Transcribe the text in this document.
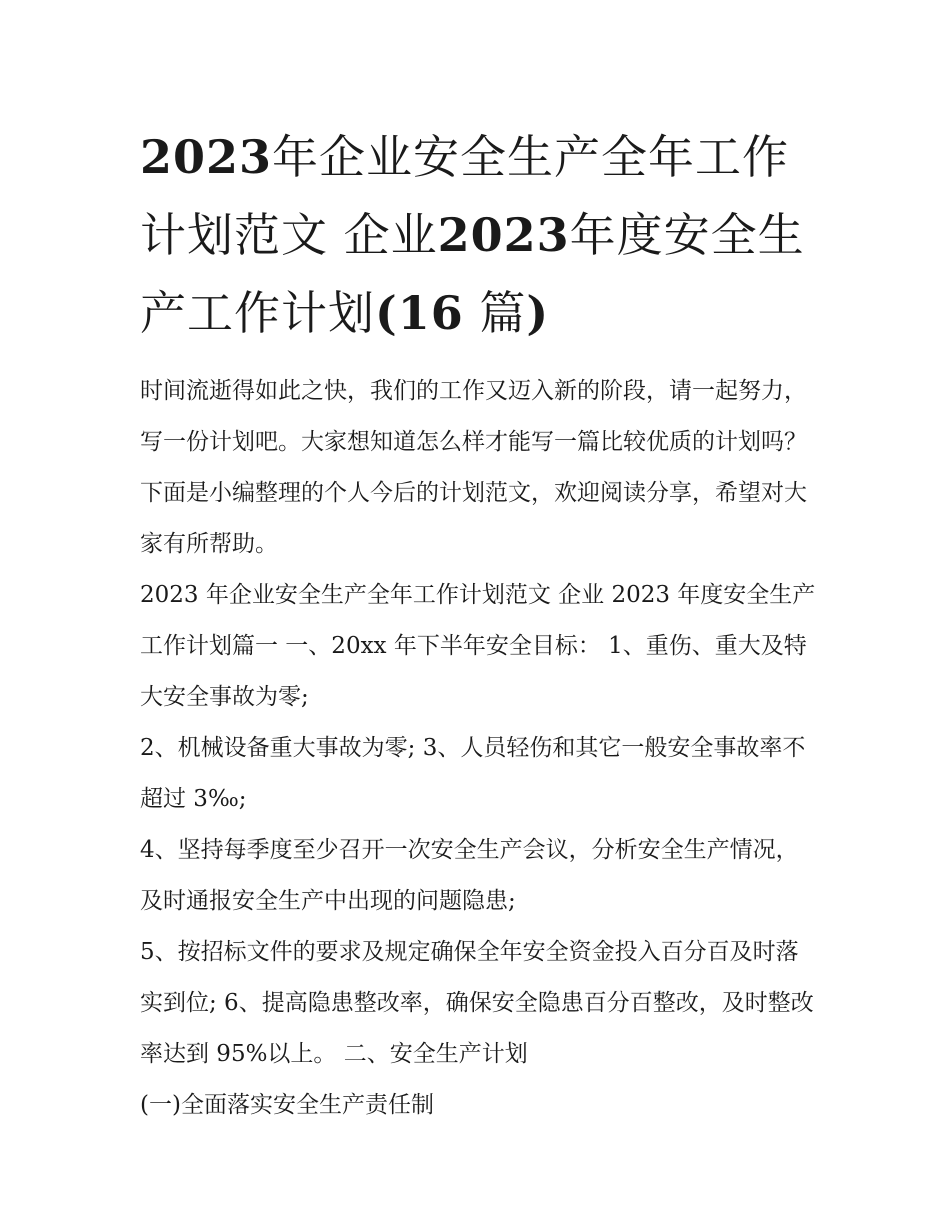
2023年企业安全生产全年工作计划范文 企业2023年度安全生产工作计划(16 篇)

时间流逝得如此之快，我们的工作又迈入新的阶段，请一起努力，写一份计划吧。大家想知道怎么样才能写一篇比较优质的计划吗？下面是小编整理的个人今后的计划范文，欢迎阅读分享，希望对大家有所帮助。

2023 年企业安全生产全年工作计划范文 企业 2023 年度安全生产工作计划篇一 一、20xx 年下半年安全目标： 1、重伤、重大及特大安全事故为零;

2、机械设备重大事故为零; 3、人员轻伤和其它一般安全事故率不超过 3‰;

4、坚持每季度至少召开一次安全生产会议，分析安全生产情况，及时通报安全生产中出现的问题隐患;

5、按招标文件的要求及规定确保全年安全资金投入百分百及时落实到位; 6、提高隐患整改率，确保安全隐患百分百整改，及时整改率达到 95%以上。 二、安全生产计划

(一)全面落实安全生产责任制
